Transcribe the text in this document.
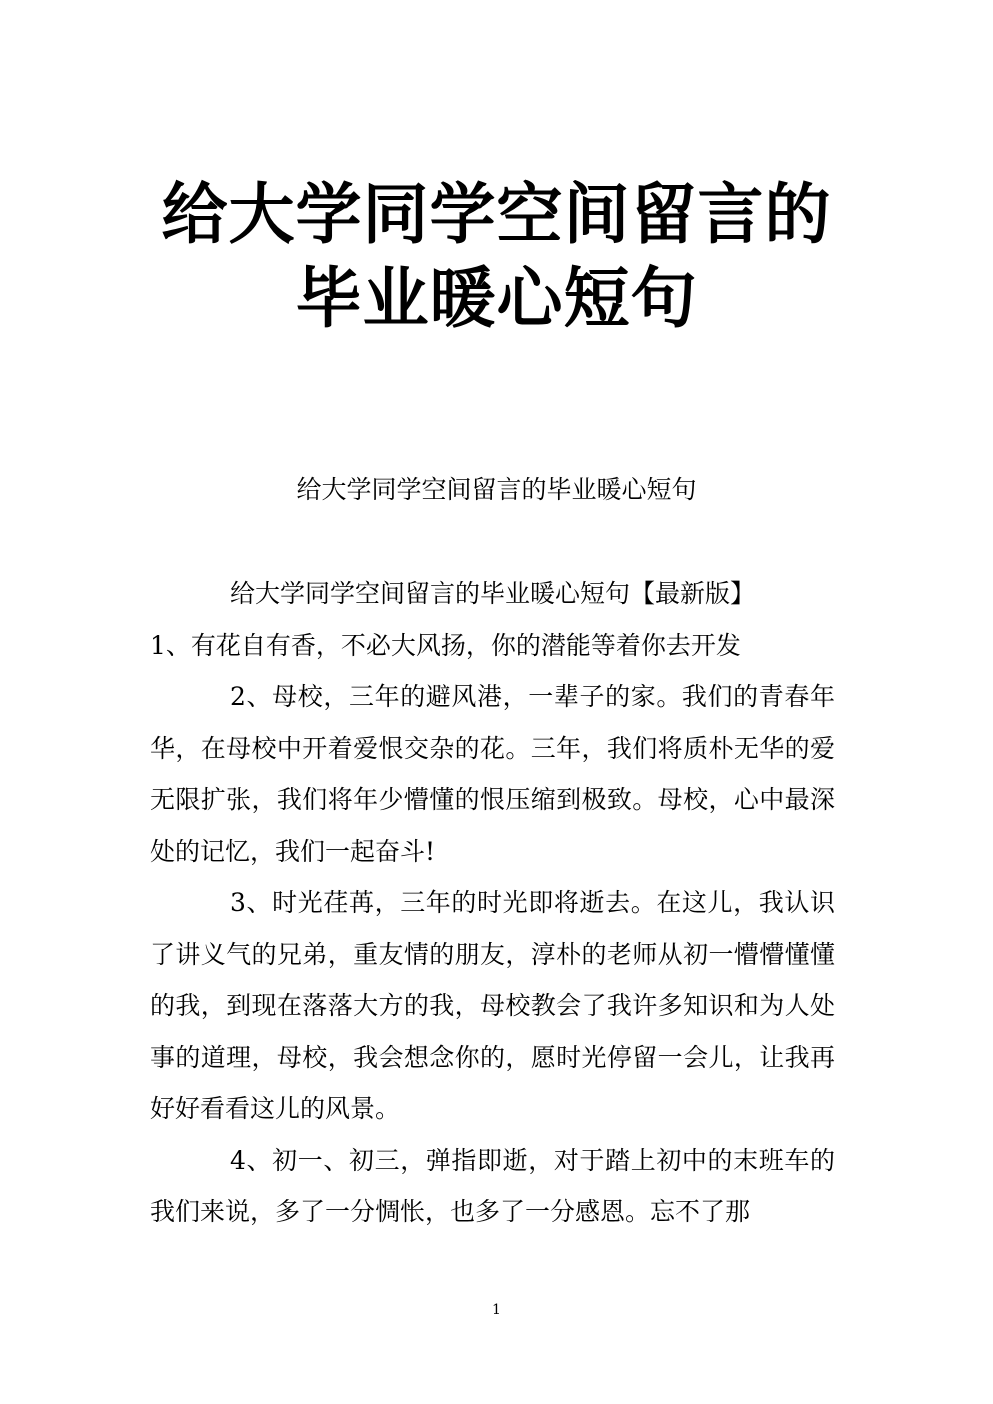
给大学同学空间留言的毕业暖心短句
给大学同学空间留言的毕业暖心短句

给大学同学空间留言的毕业暖心短句【最新版】

1、有花自有香，不必大风扬，你的潜能等着你去开发

2、母校，三年的避风港，一辈子的家。我们的青春年华，在母校中开着爱恨交杂的花。三年，我们将质朴无华的爱无限扩张，我们将年少懵懂的恨压缩到极致。母校，心中最深处的记忆，我们一起奋斗!

3、时光荏苒，三年的时光即将逝去。在这儿，我认识了讲义气的兄弟，重友情的朋友，淳朴的老师从初一懵懵懂懂的我，到现在落落大方的我，母校教会了我许多知识和为人处事的道理，母校，我会想念你的，愿时光停留一会儿，让我再好好看看这儿的风景。

4、初一、初三，弹指即逝，对于踏上初中的末班车的我们来说，多了一分惆怅，也多了一分感恩。忘不了那

1
